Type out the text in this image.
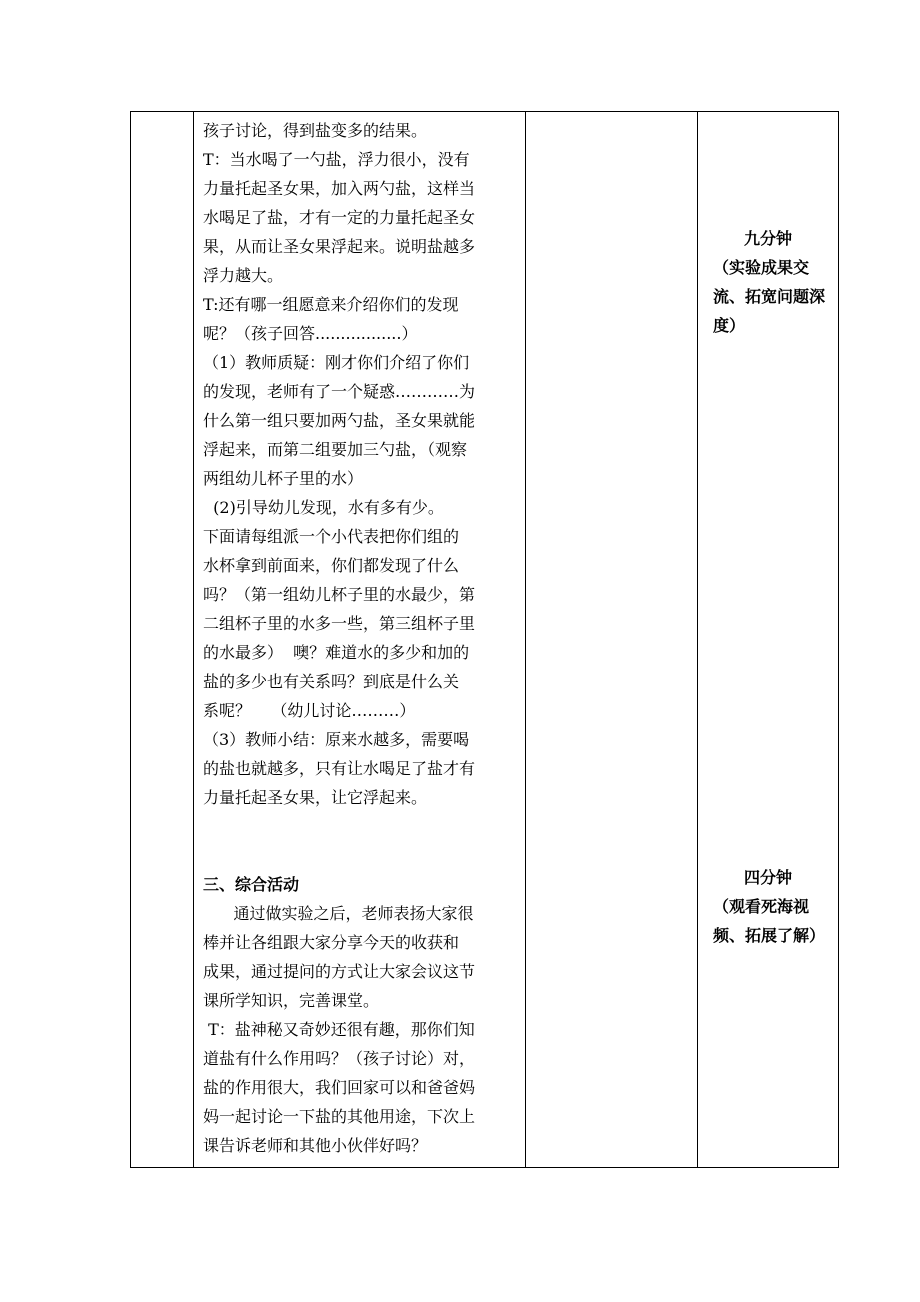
孩子讨论，得到盐变多的结果。

T：当水喝了一勺盐，浮力很小，没有

力量托起圣女果，加入两勺盐，这样当

水喝足了盐，才有一定的力量托起圣女

果，从而让圣女果浮起来。说明盐越多

浮力越大。

T:还有哪一组愿意来介绍你们的发现

呢？（孩子回答.................）

（1）教师质疑：刚才你们介绍了你们

的发现，老师有了一个疑惑…………为

什么第一组只要加两勺盐，圣女果就能

浮起来，而第二组要加三勺盐，（观察

两组幼儿杯子里的水）

(2)引导幼儿发现，水有多有少。

下面请每组派一个小代表把你们组的

水杯拿到前面来，你们都发现了什么

吗？（第一组幼儿杯子里的水最少，第

二组杯子里的水多一些，第三组杯子里

的水最多）  噢？难道水的多少和加的

盐的多少也有关系吗？到底是什么关

系呢？    （幼儿讨论………）

（3）教师小结：原来水越多，需要喝

的盐也就越多，只有让水喝足了盐才有

力量托起圣女果，让它浮起来。

三、综合活动

通过做实验之后，老师表扬大家很

棒并让各组跟大家分享今天的收获和

成果，通过提问的方式让大家会议这节

课所学知识，完善课堂。

T：盐神秘又奇妙还很有趣，那你们知

道盐有什么作用吗？（孩子讨论）对，

盐的作用很大，我们回家可以和爸爸妈

妈一起讨论一下盐的其他用途，下次上

课告诉老师和其他小伙伴好吗？

九分钟

（实验成果交

流、拓宽问题深

度）

四分钟

（观看死海视

频、拓展了解）
